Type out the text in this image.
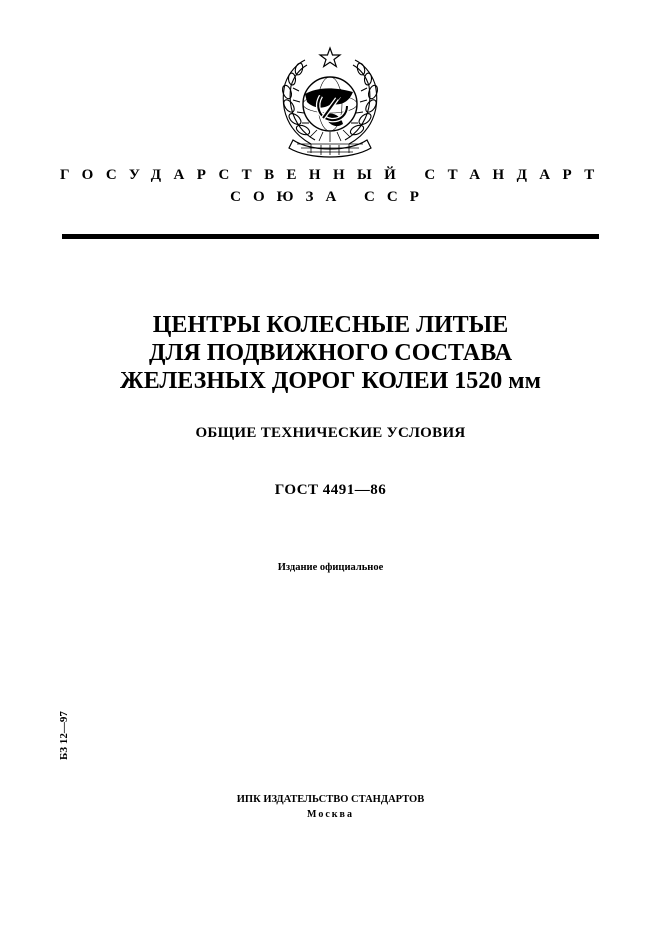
ГОСУДАРСТВЕННЫЙ СТАНДАРТ
СОЮЗА ССР
ЦЕНТРЫ КОЛЕСНЫЕ ЛИТЫЕ
ДЛЯ ПОДВИЖНОГО СОСТАВА
ЖЕЛЕЗНЫХ ДОРОГ КОЛЕИ 1520 мм
ОБЩИЕ ТЕХНИЧЕСКИЕ УСЛОВИЯ
ГОСТ 4491—86
Издание официальное
БЗ 12—97
ИПК ИЗДАТЕЛЬСТВО СТАНДАРТОВ
Москва
